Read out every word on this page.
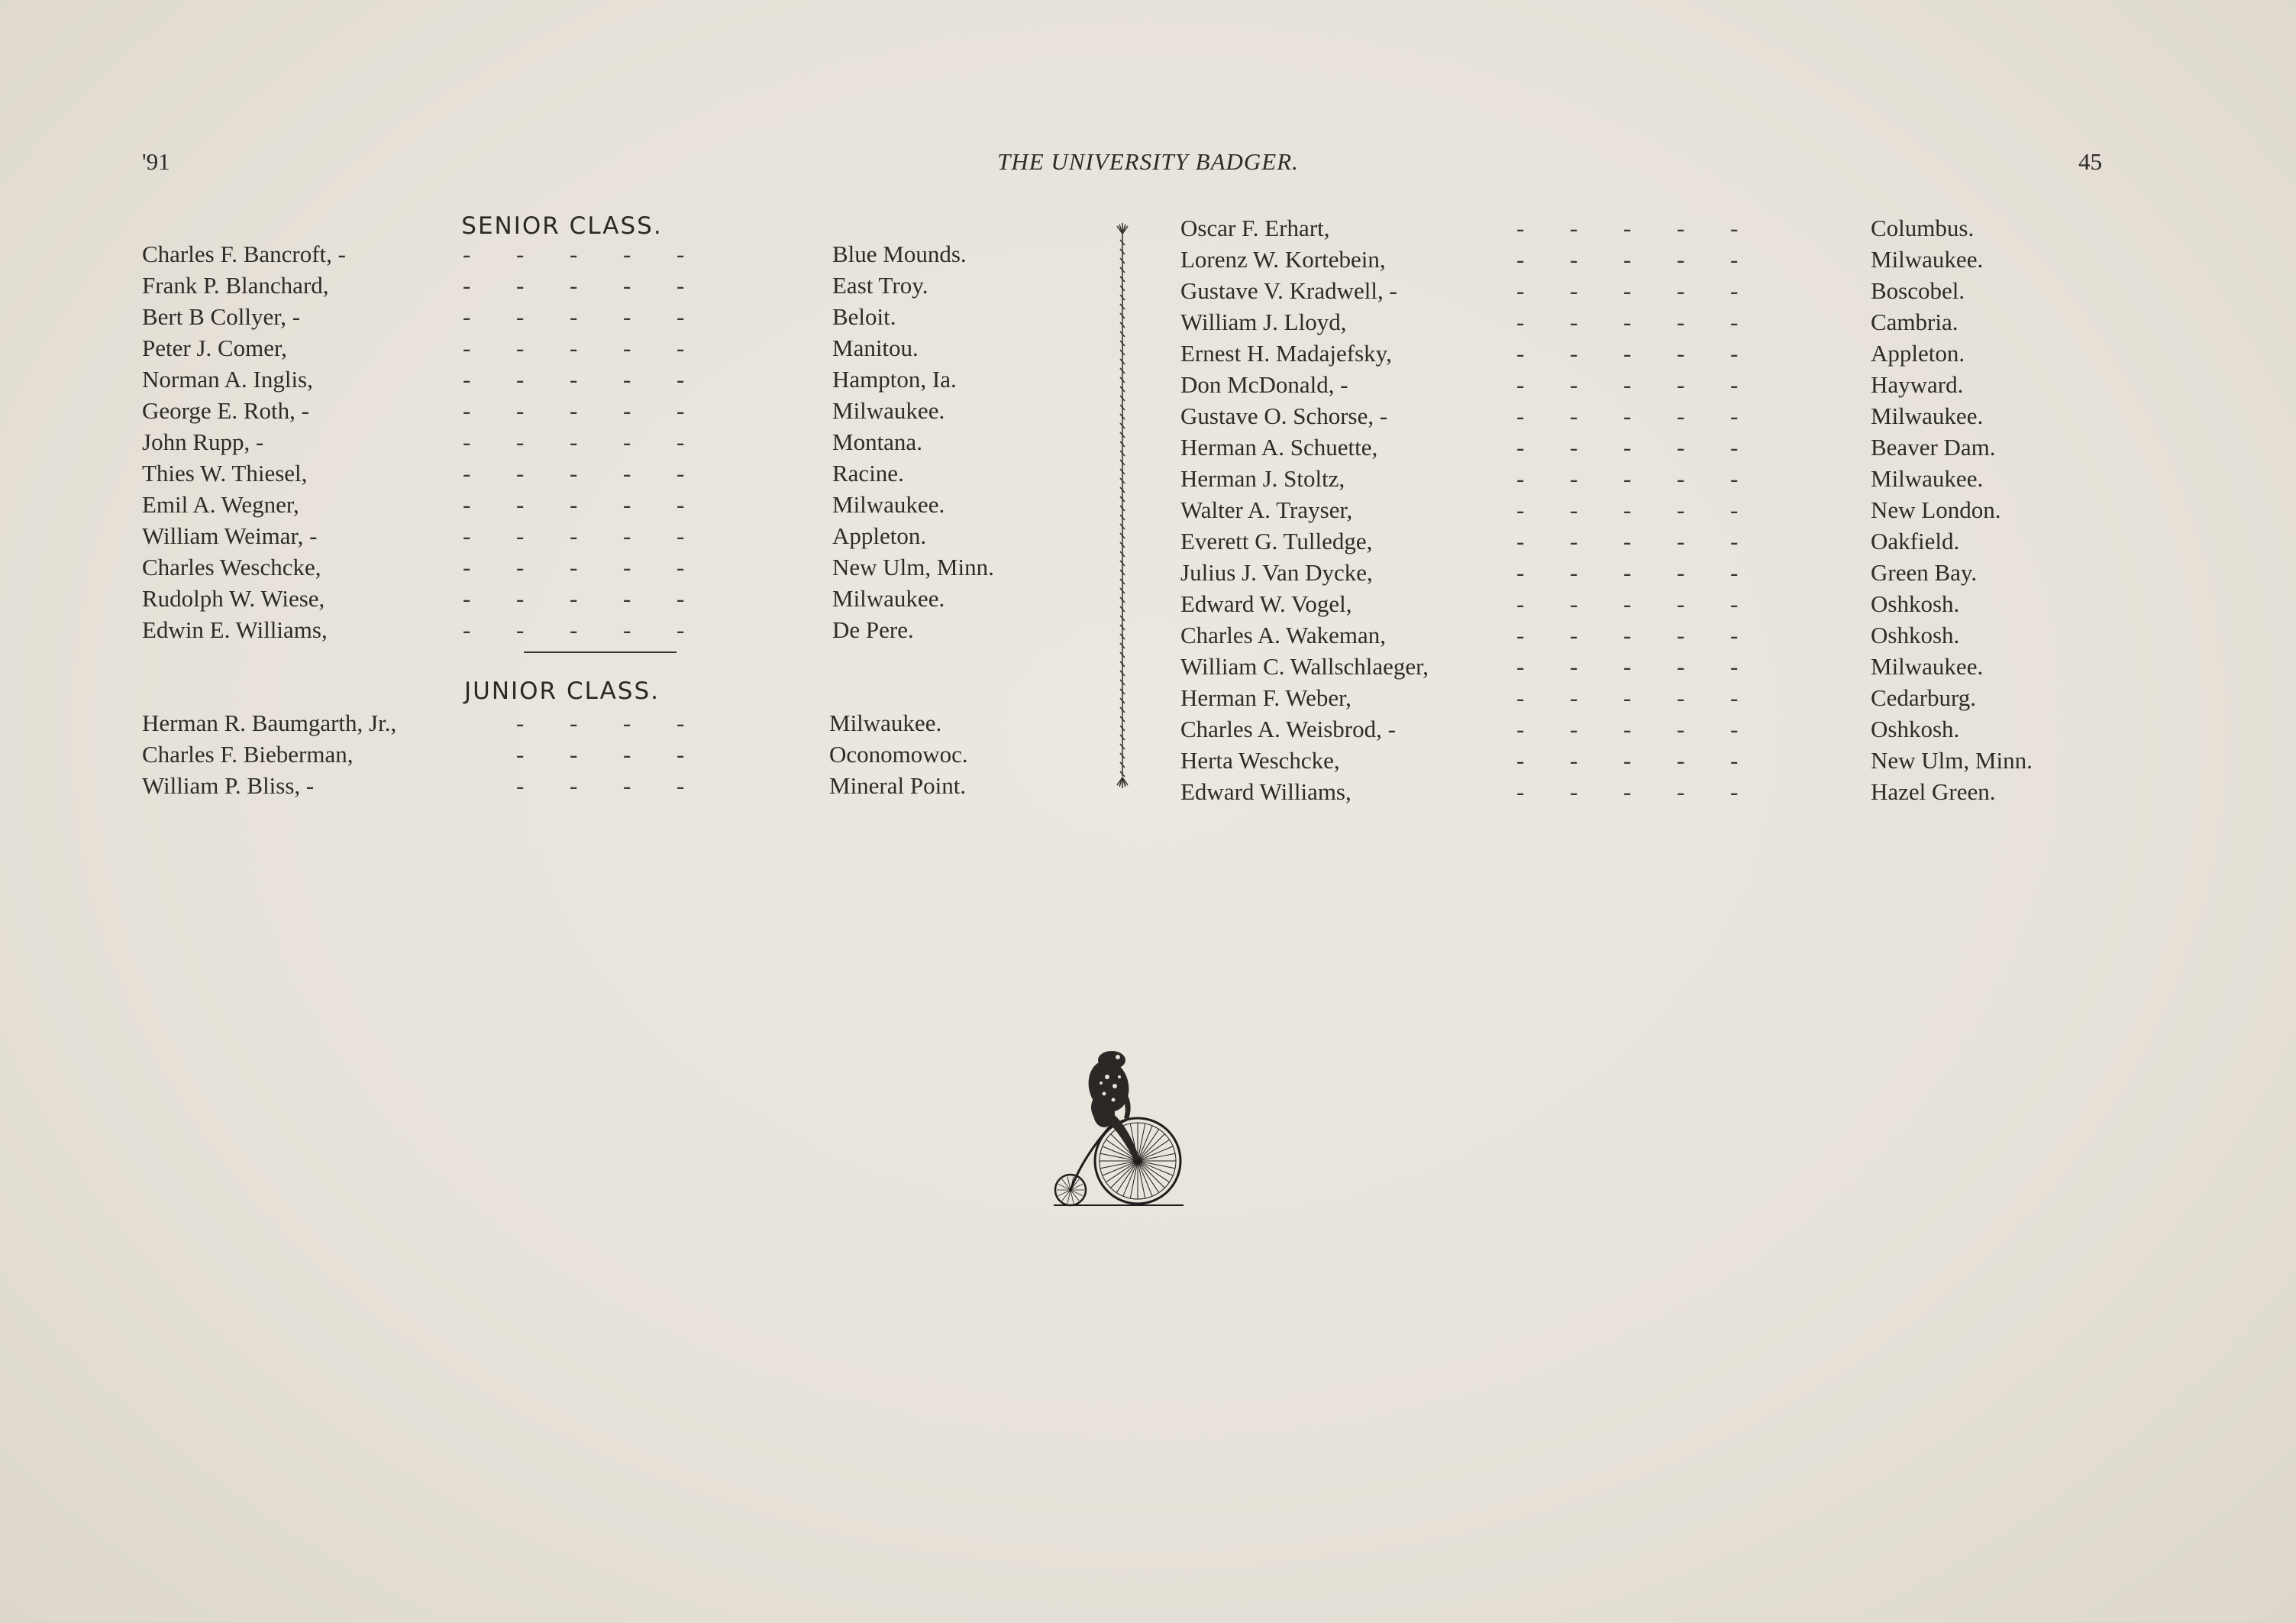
'91	THE UNIVERSITY BADGER.	45
SENIOR CLASS.
Charles F. Bancroft, -	- - - - -	Blue Mounds.
Frank P. Blanchard,	- - - - -	East Troy.
Bert B Collyer, -	- - - - -	Beloit.
Peter J. Comer,	- - - - -	Manitou.
Norman A. Inglis,	- - - - -	Hampton, Ia.
George E. Roth, -	- - - - -	Milwaukee.
John Rupp, -	- - - - -	Montana.
Thies W. Thiesel,	- - - - -	Racine.
Emil A. Wegner,	- - - - -	Milwaukee.
William Weimar, -	- - - - -	Appleton.
Charles Weschcke,	- - - - -	New Ulm, Minn.
Rudolph W. Wiese,	- - - - -	Milwaukee.
Edwin E. Williams,	- - - - -	De Pere.
JUNIOR CLASS.
Herman R. Baumgarth, Jr.,	- - - -	Milwaukee.
Charles F. Bieberman,	- - - -	Oconomowoc.
William P. Bliss, -	- - - -	Mineral Point.
Oscar F. Erhart,	- - - - -	Columbus.
Lorenz W. Kortebein,	- - - - -	Milwaukee.
Gustave V. Kradwell, -	- - - - -	Boscobel.
William J. Lloyd,	- - - - -	Cambria.
Ernest H. Madajefsky,	- - - - -	Appleton.
Don McDonald, -	- - - - -	Hayward.
Gustave O. Schorse, -	- - - - -	Milwaukee.
Herman A. Schuette,	- - - - -	Beaver Dam.
Herman J. Stoltz,	- - - - -	Milwaukee.
Walter A. Trayser,	- - - - -	New London.
Everett G. Tulledge,	- - - - -	Oakfield.
Julius J. Van Dycke,	- - - - -	Green Bay.
Edward W. Vogel,	- - - - -	Oshkosh.
Charles A. Wakeman,	- - - - -	Oshkosh.
William C. Wallschlaeger,	- - - - -	Milwaukee.
Herman F. Weber,	- - - - -	Cedarburg.
Charles A. Weisbrod, -	- - - - -	Oshkosh.
Herta Weschcke,	- - - - -	New Ulm, Minn.
Edward Williams,	- - - - -	Hazel Green.
